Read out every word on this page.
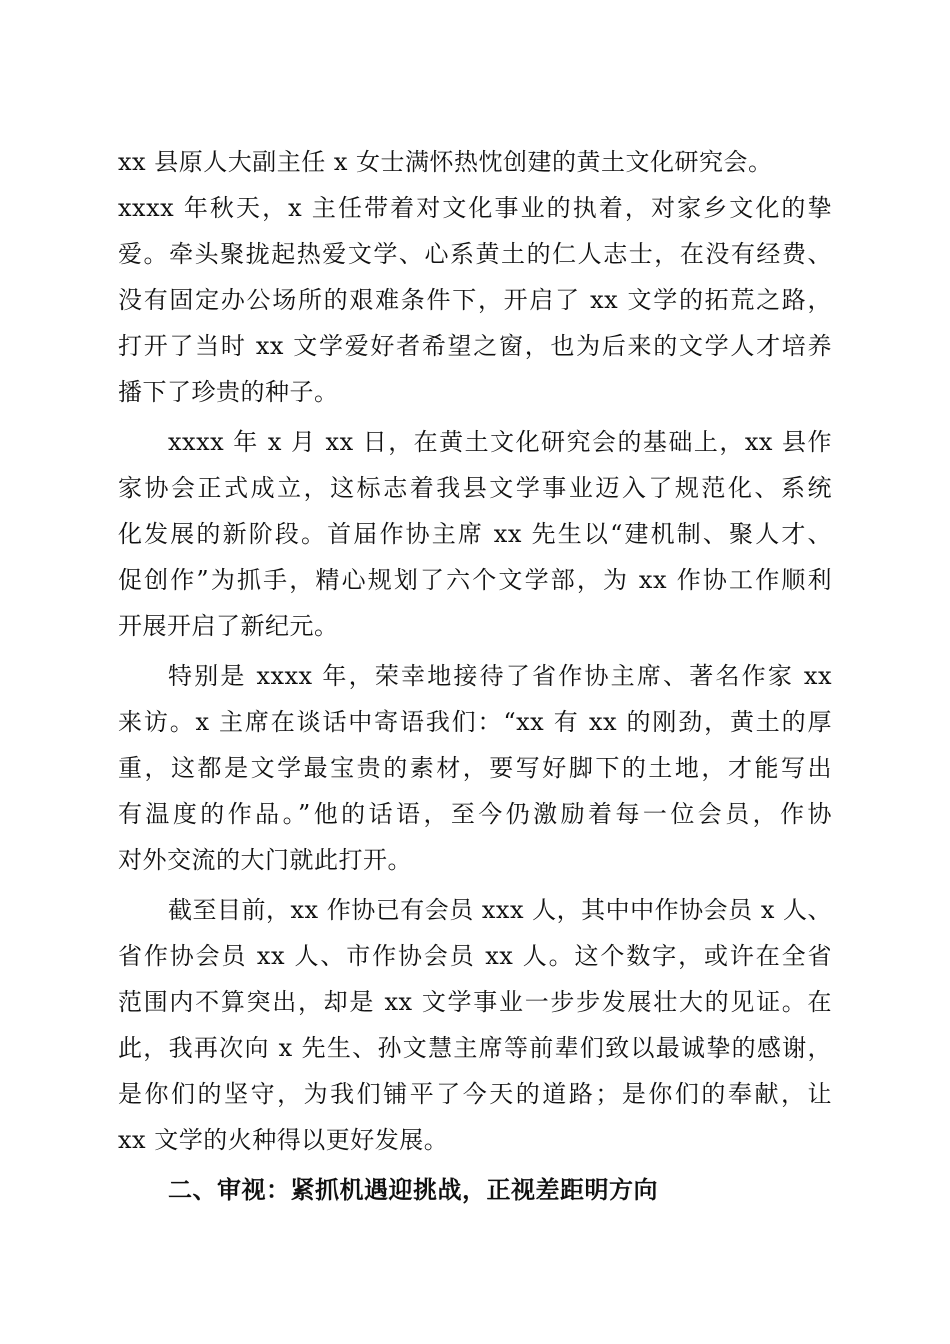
xx 县原人大副主任 x 女士满怀热忱创建的黄土文化研究会。
xxxx 年秋天，x 主任带着对文化事业的执着，对家乡文化的挚
爱。牵头聚拢起热爱文学、心系黄土的仁人志士，在没有经费、
没有固定办公场所的艰难条件下，开启了 xx 文学的拓荒之路，
打开了当时 xx 文学爱好者希望之窗，也为后来的文学人才培养
播下了珍贵的种子。
xxxx 年 x 月 xx 日，在黄土文化研究会的基础上，xx 县作
家协会正式成立，这标志着我县文学事业迈入了规范化、系统
化发展的新阶段。首届作协主席 xx 先生以“建机制、聚人才、
促创作”为抓手，精心规划了六个文学部，为 xx 作协工作顺利
开展开启了新纪元。
特别是 xxxx 年，荣幸地接待了省作协主席、著名作家 xx
来访。x 主席在谈话中寄语我们：“xx 有 xx 的刚劲，黄土的厚
重，这都是文学最宝贵的素材，要写好脚下的土地，才能写出
有温度的作品。”他的话语，至今仍激励着每一位会员，作协
对外交流的大门就此打开。
截至目前，xx 作协已有会员 xxx 人，其中中作协会员 x 人、
省作协会员 xx 人、市作协会员 xx 人。这个数字，或许在全省
范围内不算突出，却是 xx 文学事业一步步发展壮大的见证。在
此，我再次向 x 先生、孙文慧主席等前辈们致以最诚挚的感谢，
是你们的坚守，为我们铺平了今天的道路；是你们的奉献，让
xx 文学的火种得以更好发展。
二、审视：紧抓机遇迎挑战，正视差距明方向
